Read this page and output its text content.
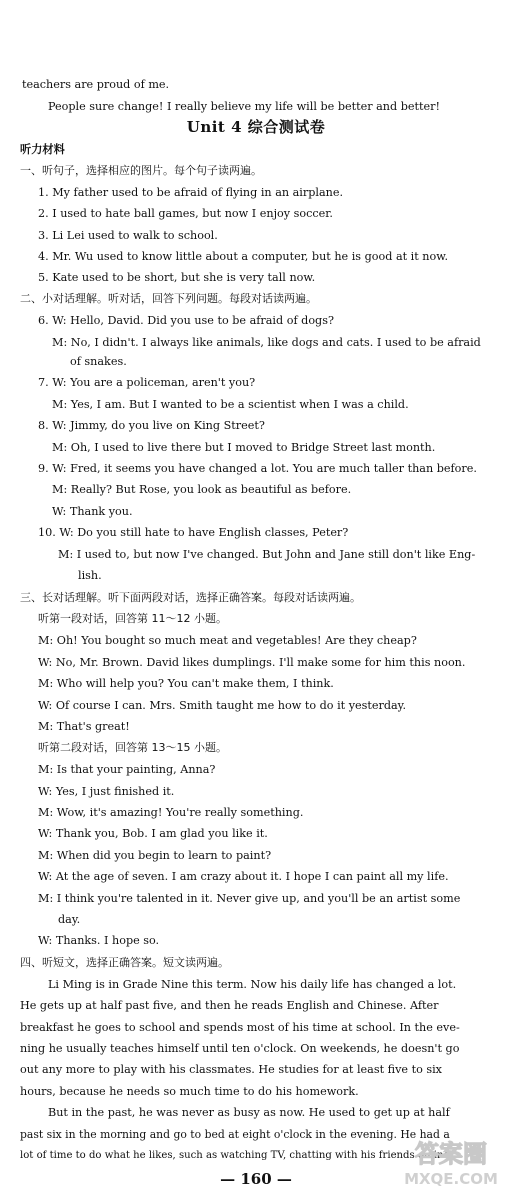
teachers are proud of me.
People sure change! I really believe my life will be better and better!
Unit 4 综合测试卷
听力材料
一、听句子，选择相应的图片。每个句子读两遍。
1. My father used to be afraid of flying in an airplane.
2. I used to hate ball games, but now I enjoy soccer.
3. Li Lei used to walk to school.
4. Mr. Wu used to know little about a computer, but he is good at it now.
5. Kate used to be short, but she is very tall now.
二、小对话理解。听对话，回答下列问题。每段对话读两遍。
6. W: Hello, David. Did you use to be afraid of dogs?
M: No, I didn't. I always like animals, like dogs and cats. I used to be afraid
of snakes.
7. W: You are a policeman, aren't you?
M: Yes, I am. But I wanted to be a scientist when I was a child.
8. W: Jimmy, do you live on King Street?
M: Oh, I used to live there but I moved to Bridge Street last month.
9. W: Fred, it seems you have changed a lot. You are much taller than before.
M: Really? But Rose, you look as beautiful as before.
W: Thank you.
10. W: Do you still hate to have English classes, Peter?
M: I used to, but now I've changed. But John and Jane still don't like Eng-
lish.
三、长对话理解。听下面两段对话，选择正确答案。每段对话读两遍。
听第一段对话，回答第 11～12 小题。
M: Oh! You bought so much meat and vegetables! Are they cheap?
W: No, Mr. Brown. David likes dumplings. I'll make some for him this noon.
M: Who will help you? You can't make them, I think.
W: Of course I can. Mrs. Smith taught me how to do it yesterday.
M: That's great!
听第二段对话，回答第 13～15 小题。
M: Is that your painting, Anna?
W: Yes, I just finished it.
M: Wow, it's amazing! You're really something.
W: Thank you, Bob. I am glad you like it.
M: When did you begin to learn to paint?
W: At the age of seven. I am crazy about it. I hope I can paint all my life.
M: I think you're talented in it. Never give up, and you'll be an artist some
day.
W: Thanks. I hope so.
四、听短文，选择正确答案。短文读两遍。
Li Ming is in Grade Nine this term. Now his daily life has changed a lot.
He gets up at half past five, and then he reads English and Chinese. After
breakfast he goes to school and spends most of his time at school. In the eve-
ning he usually teaches himself until ten o'clock. On weekends, he doesn't go
out any more to play with his classmates. He studies for at least five to six
hours, because he needs so much time to do his homework.
But in the past, he was never as busy as now. He used to get up at half
past six in the morning and go to bed at eight o'clock in the evening. He had a
lot of time to do what he likes, such as watching TV, chatting with his friends online
— 160 —
答案圈
MXQE.COM
